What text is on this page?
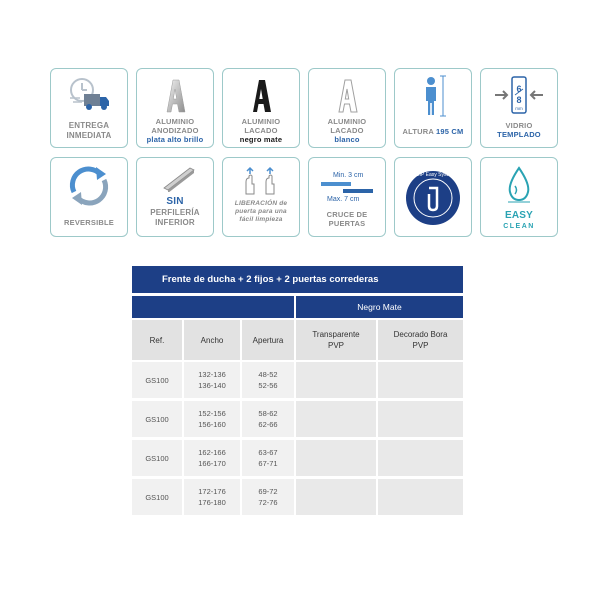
ENTREGA
INMEDIATA
ALUMINIO
ANODIZADO
plata alto brillo
ALUMINIO
LACADO
negro mate
ALUMINIO
LACADO
blanco
ALTURA 195 CM
6
8
mm
VIDRIO
TEMPLADO
REVERSIBLE
SIN
PERFILERÍA
INFERIOR
LIBERACIÓN de
puerta para una
fácil limpieza
Min. 3 cm
Max. 7 cm
CRUCE DE
PUERTAS
CLIP Easy System
EASY
CLEAN
Frente de ducha + 2 fijos + 2 puertas correderas
Negro Mate
Ref.	Ancho	Apertura
Transparente PVP
Decorado Bora PVP
GS100
132-136
136-140
48-52
52-56
GS100
152-156
156-160
58-62
62-66
GS100
162-166
166-170
63-67
67-71
GS100
172-176
176-180
69-72
72-76
